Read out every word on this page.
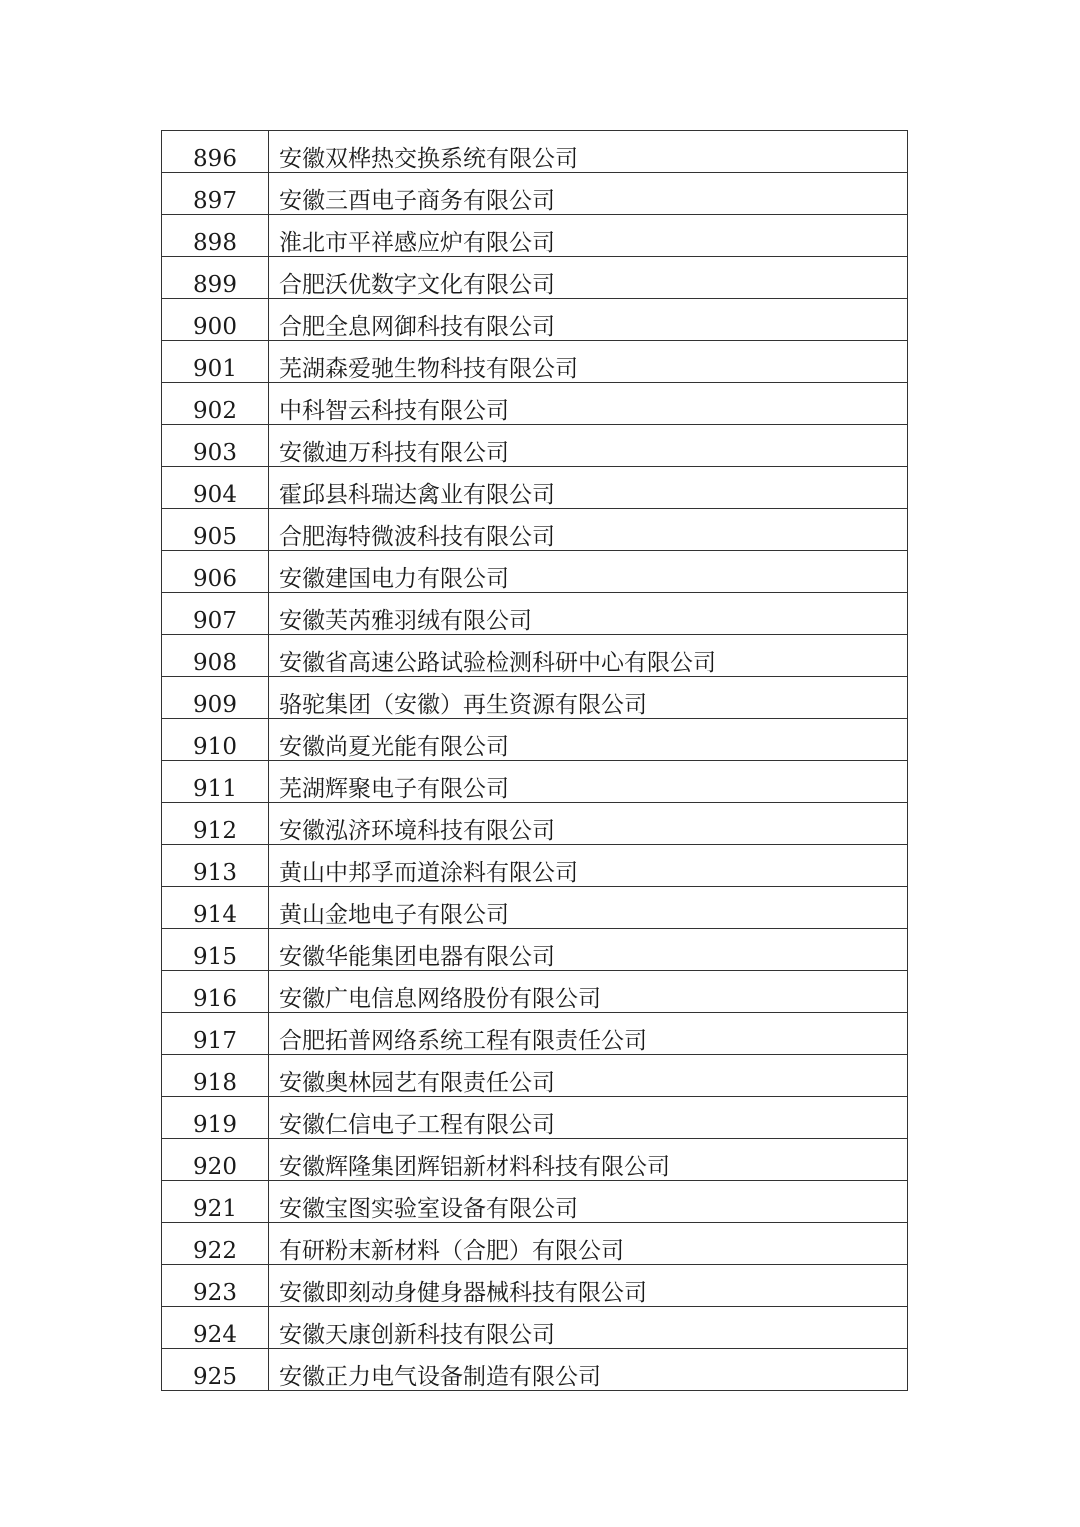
896	安徽双桦热交换系统有限公司
897	安徽三酉电子商务有限公司
898	淮北市平祥感应炉有限公司
899	合肥沃优数字文化有限公司
900	合肥全息网御科技有限公司
901	芜湖森爱驰生物科技有限公司
902	中科智云科技有限公司
903	安徽迪万科技有限公司
904	霍邱县科瑞达禽业有限公司
905	合肥海特微波科技有限公司
906	安徽建国电力有限公司
907	安徽芙芮雅羽绒有限公司
908	安徽省高速公路试验检测科研中心有限公司
909	骆驼集团（安徽）再生资源有限公司
910	安徽尚夏光能有限公司
911	芜湖辉聚电子有限公司
912	安徽泓济环境科技有限公司
913	黄山中邦孚而道涂料有限公司
914	黄山金地电子有限公司
915	安徽华能集团电器有限公司
916	安徽广电信息网络股份有限公司
917	合肥拓普网络系统工程有限责任公司
918	安徽奥林园艺有限责任公司
919	安徽仁信电子工程有限公司
920	安徽辉隆集团辉铝新材料科技有限公司
921	安徽宝图实验室设备有限公司
922	有研粉末新材料（合肥）有限公司
923	安徽即刻动身健身器械科技有限公司
924	安徽天康创新科技有限公司
925	安徽正力电气设备制造有限公司
